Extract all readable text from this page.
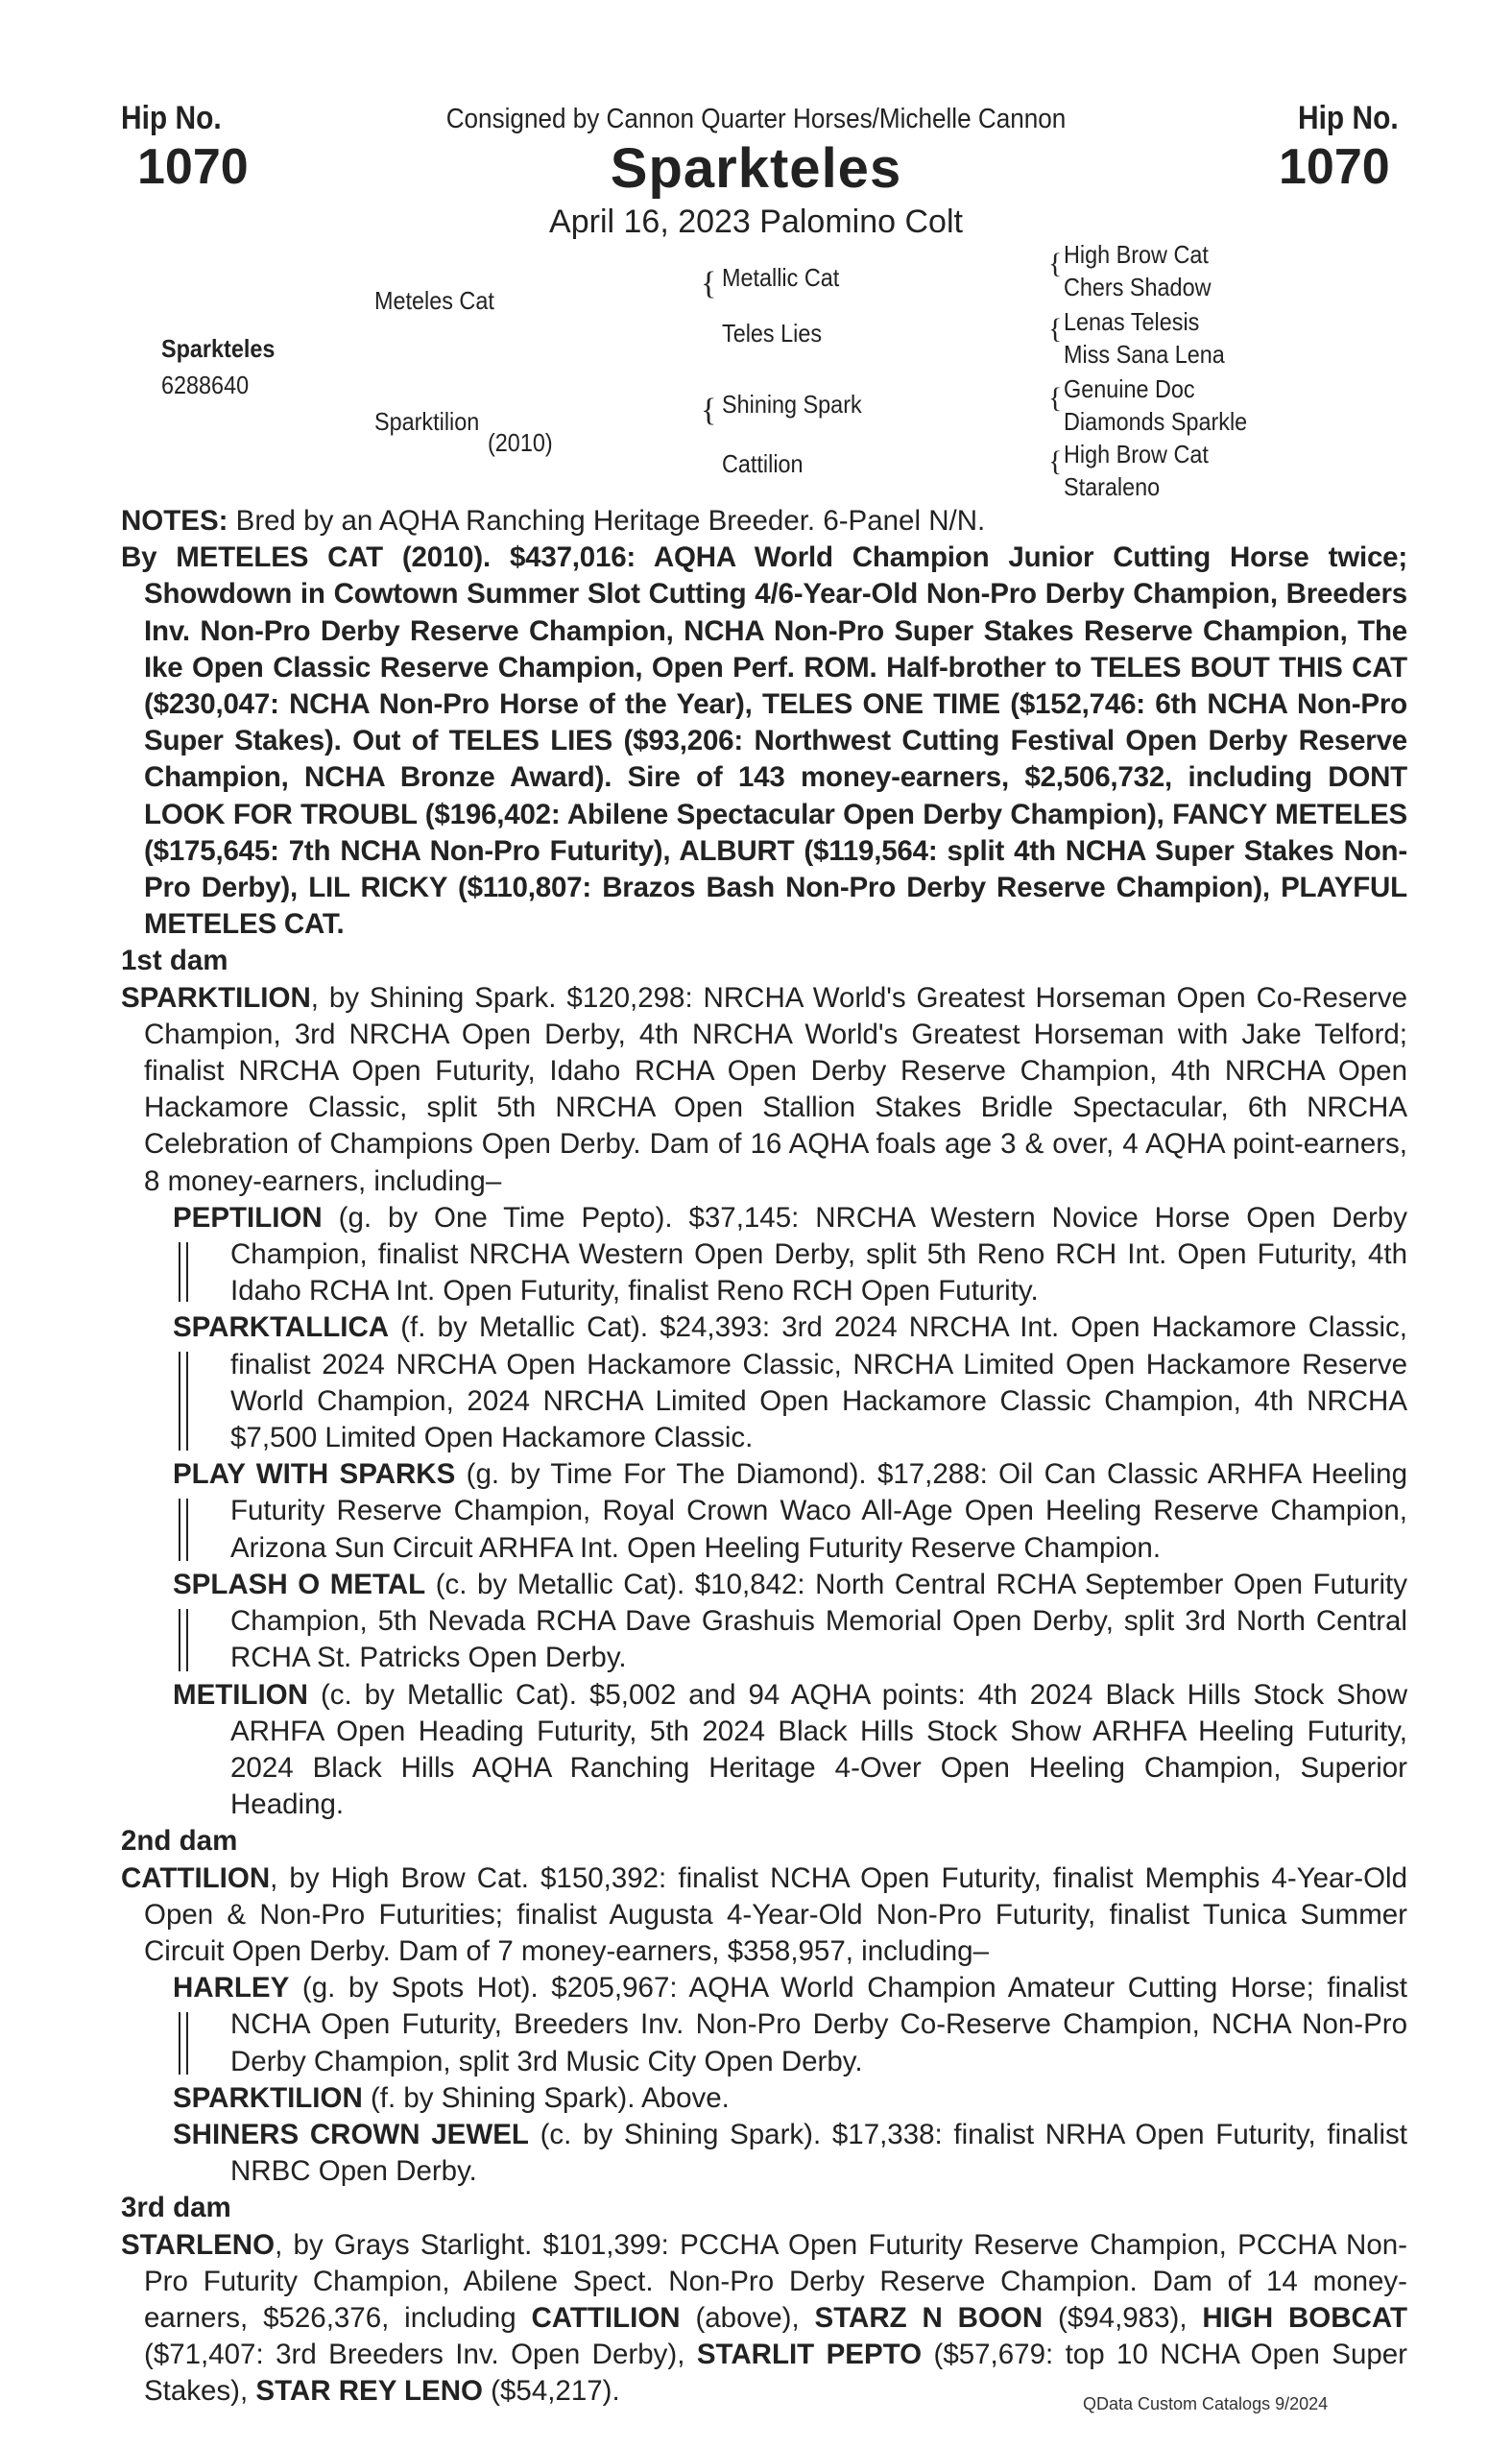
Hip No.
1070
Hip No.
1070
Consigned by Cannon Quarter Horses/Michelle Cannon
Sparkteles
April 16, 2023 Palomino Colt
Sparkteles
6288640
Meteles Cat
Sparktilion
(2010)
{ Metallic Cat
Teles Lies
{ Shining Spark
Cattilion
{ High Brow Cat
Chers Shadow
{ Lenas Telesis
Miss Sana Lena
{ Genuine Doc
Diamonds Sparkle
{ High Brow Cat
Staraleno

NOTES: Bred by an AQHA Ranching Heritage Breeder. 6-Panel N/N.

By METELES CAT (2010). $437,016: AQHA World Champion Junior Cutting Horse twice; Showdown in Cowtown Summer Slot Cutting 4/6-Year-Old Non-Pro Derby Champion, Breeders Inv. Non-Pro Derby Reserve Champion, NCHA Non-Pro Super Stakes Reserve Champion, The Ike Open Classic Reserve Champion, Open Perf. ROM. Half-brother to TELES BOUT THIS CAT ($230,047: NCHA Non-Pro Horse of the Year), TELES ONE TIME ($152,746: 6th NCHA Non-Pro Super Stakes). Out of TELES LIES ($93,206: Northwest Cutting Festival Open Derby Reserve Champion, NCHA Bronze Award). Sire of 143 money-earners, $2,506,732, including DONT LOOK FOR TROUBL ($196,402: Abilene Spectacular Open Derby Champion), FANCY METELES ($175,645: 7th NCHA Non-Pro Futurity), ALBURT ($119,564: split 4th NCHA Super Stakes Non-Pro Derby), LIL RICKY ($110,807: Brazos Bash Non-Pro Derby Reserve Champion), PLAYFUL METELES CAT.

1st dam

SPARKTILION, by Shining Spark. $120,298: NRCHA World's Greatest Horseman Open Co-Reserve Champion, 3rd NRCHA Open Derby, 4th NRCHA World's Greatest Horseman with Jake Telford; finalist NRCHA Open Futurity, Idaho RCHA Open Derby Reserve Champion, 4th NRCHA Open Hackamore Classic, split 5th NRCHA Open Stallion Stakes Bridle Spectacular, 6th NRCHA Celebration of Champions Open Derby. Dam of 16 AQHA foals age 3 & over, 4 AQHA point-earners, 8 money-earners, including–

PEPTILION (g. by One Time Pepto). $37,145: NRCHA Western Novice Horse Open Derby Champion, finalist NRCHA Western Open Derby, split 5th Reno RCH Int. Open Futurity, 4th Idaho RCHA Int. Open Futurity, finalist Reno RCH Open Futurity.

SPARKTALLICA (f. by Metallic Cat). $24,393: 3rd 2024 NRCHA Int. Open Hackamore Classic, finalist 2024 NRCHA Open Hackamore Classic, NRCHA Limited Open Hackamore Reserve World Champion, 2024 NRCHA Limited Open Hackamore Classic Champion, 4th NRCHA $7,500 Limited Open Hackamore Classic.

PLAY WITH SPARKS (g. by Time For The Diamond). $17,288: Oil Can Classic ARHFA Heeling Futurity Reserve Champion, Royal Crown Waco All-Age Open Heeling Reserve Champion, Arizona Sun Circuit ARHFA Int. Open Heeling Futurity Reserve Champion.

SPLASH O METAL (c. by Metallic Cat). $10,842: North Central RCHA September Open Futurity Champion, 5th Nevada RCHA Dave Grashuis Memorial Open Derby, split 3rd North Central RCHA St. Patricks Open Derby.

METILION (c. by Metallic Cat). $5,002 and 94 AQHA points: 4th 2024 Black Hills Stock Show ARHFA Open Heading Futurity, 5th 2024 Black Hills Stock Show ARHFA Heeling Futurity, 2024 Black Hills AQHA Ranching Heritage 4-Over Open Heeling Champion, Superior Heading.

2nd dam

CATTILION, by High Brow Cat. $150,392: finalist NCHA Open Futurity, finalist Memphis 4-Year-Old Open & Non-Pro Futurities; finalist Augusta 4-Year-Old Non-Pro Futurity, finalist Tunica Summer Circuit Open Derby. Dam of 7 money-earners, $358,957, including–

HARLEY (g. by Spots Hot). $205,967: AQHA World Champion Amateur Cutting Horse; finalist NCHA Open Futurity, Breeders Inv. Non-Pro Derby Co-Reserve Champion, NCHA Non-Pro Derby Champion, split 3rd Music City Open Derby.

SPARKTILION (f. by Shining Spark). Above.

SHINERS CROWN JEWEL (c. by Shining Spark). $17,338: finalist NRHA Open Futurity, finalist NRBC Open Derby.

3rd dam

STARLENO, by Grays Starlight. $101,399: PCCHA Open Futurity Reserve Champion, PCCHA Non-Pro Futurity Champion, Abilene Spect. Non-Pro Derby Reserve Champion. Dam of 14 money-earners, $526,376, including CATTILION (above), STARZ N BOON ($94,983), HIGH BOBCAT ($71,407: 3rd Breeders Inv. Open Derby), STARLIT PEPTO ($57,679: top 10 NCHA Open Super Stakes), STAR REY LENO ($54,217).	QData Custom Catalogs 9/2024
